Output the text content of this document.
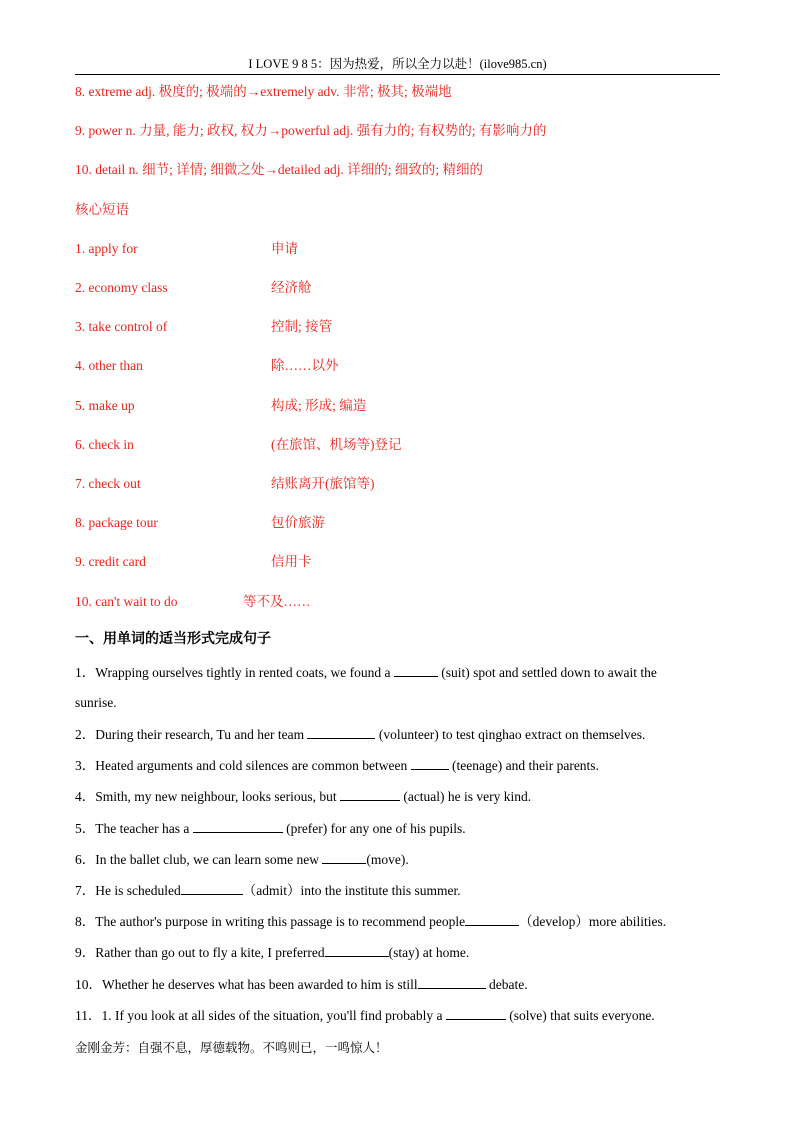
I LOVE 9 8 5：因为热爱，所以全力以赴！(ilove985.cn)
8. extreme adj. 极度的; 极端的→extremely adv. 非常; 极其; 极端地
9. power n. 力量, 能力; 政权, 权力→powerful adj. 强有力的; 有权势的; 有影响力的
10. detail n. 细节; 详情; 细微之处→detailed adj. 详细的; 细致的; 精细的
核心短语
1. apply for	申请
2. economy class	经济舱
3. take control of	控制; 接管
4. other than	除……以外
5. make up	构成; 形成; 编造
6. check in	(在旅馆、机场等)登记
7. check out	结账离开(旅馆等)
8. package tour	包价旅游
9. credit card	信用卡
10. can't wait to do	等不及……
一、用单词的适当形式完成句子
1．Wrapping ourselves tightly in rented coats, we found a	(suit) spot and settled down to await the
sunrise.
2．During their research, Tu and her team	(volunteer) to test qinghao extract on themselves.
3．Heated arguments and cold silences are common between	(teenage) and their parents.
4．Smith, my new neighbour, looks serious, but	(actual) he is very kind.
5．The teacher has a	(prefer) for any one of his pupils.
6．In the ballet club, we can learn some new	(move).
7．He is scheduled	（admit）into the institute this summer.
8．The author's purpose in writing this passage is to recommend people	（develop）more abilities.
9．Rather than go out to fly a kite, I preferred	(stay) at home.
10．Whether he deserves what has been awarded to him is still	debate.
11．1. If you look at all sides of the situation, you'll find probably a	(solve) that suits everyone.
金刚金芳：自强不息，厚德载物。不鸣则已，一鸣惊人！
